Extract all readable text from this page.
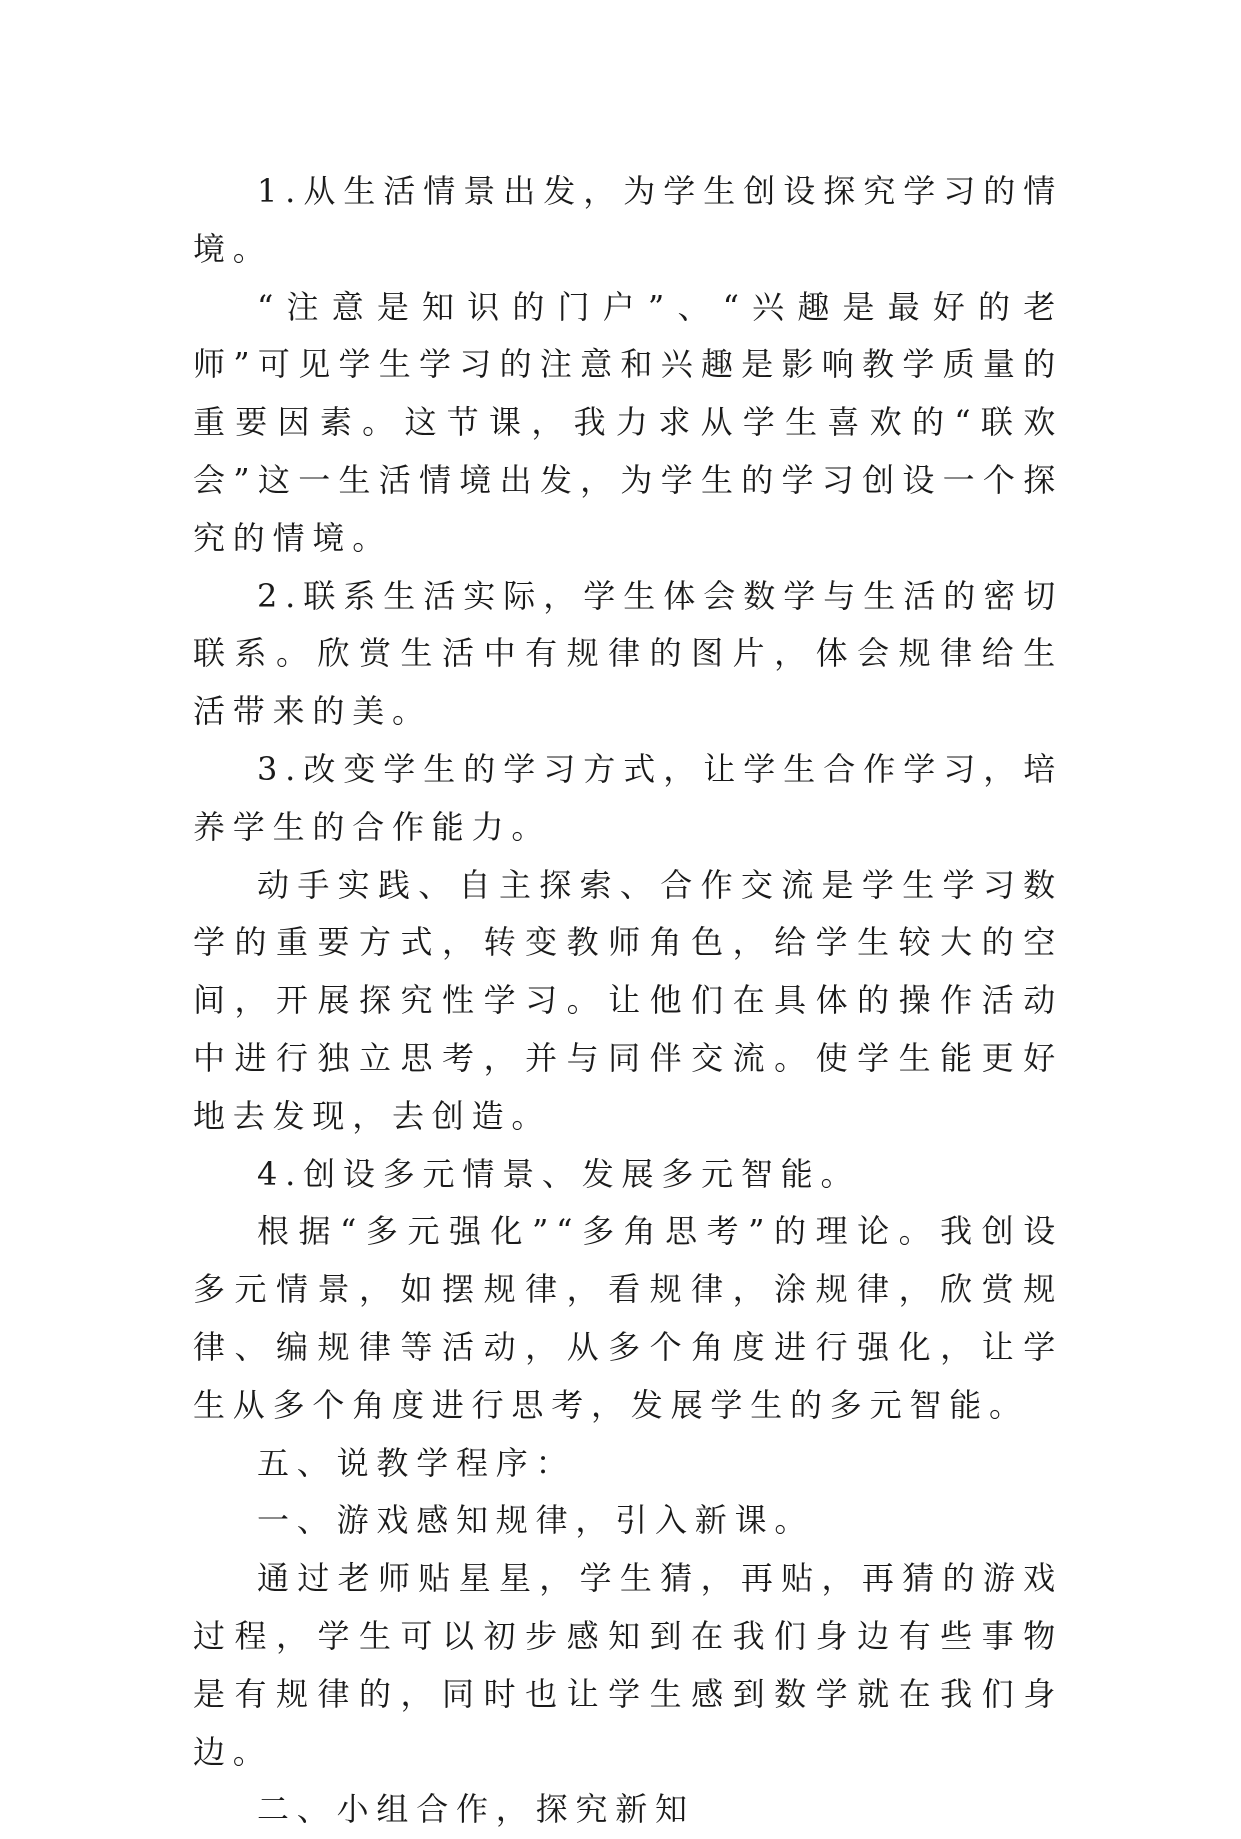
1.从生活情景出发，为学生创设探究学习的情境。

“注意是知识的门户”、“兴趣是最好的老师”可见学生学习的注意和兴趣是影响教学质量的重要因素。这节课，我力求从学生喜欢的“联欢会”这一生活情境出发，为学生的学习创设一个探究的情境。

2.联系生活实际，学生体会数学与生活的密切联系。欣赏生活中有规律的图片，体会规律给生活带来的美。

3.改变学生的学习方式，让学生合作学习，培养学生的合作能力。

动手实践、自主探索、合作交流是学生学习数学的重要方式，转变教师角色，给学生较大的空间，开展探究性学习。让他们在具体的操作活动中进行独立思考，并与同伴交流。使学生能更好地去发现，去创造。

4.创设多元情景、发展多元智能。

根据“多元强化”“多角思考”的理论。我创设多元情景，如摆规律，看规律，涂规律，欣赏规律、编规律等活动，从多个角度进行强化，让学生从多个角度进行思考，发展学生的多元智能。

五、说教学程序：

一、游戏感知规律，引入新课。

通过老师贴星星，学生猜，再贴，再猜的游戏过程，学生可以初步感知到在我们身边有些事物是有规律的，同时也让学生感到数学就在我们身边。

二、小组合作，探究新知
